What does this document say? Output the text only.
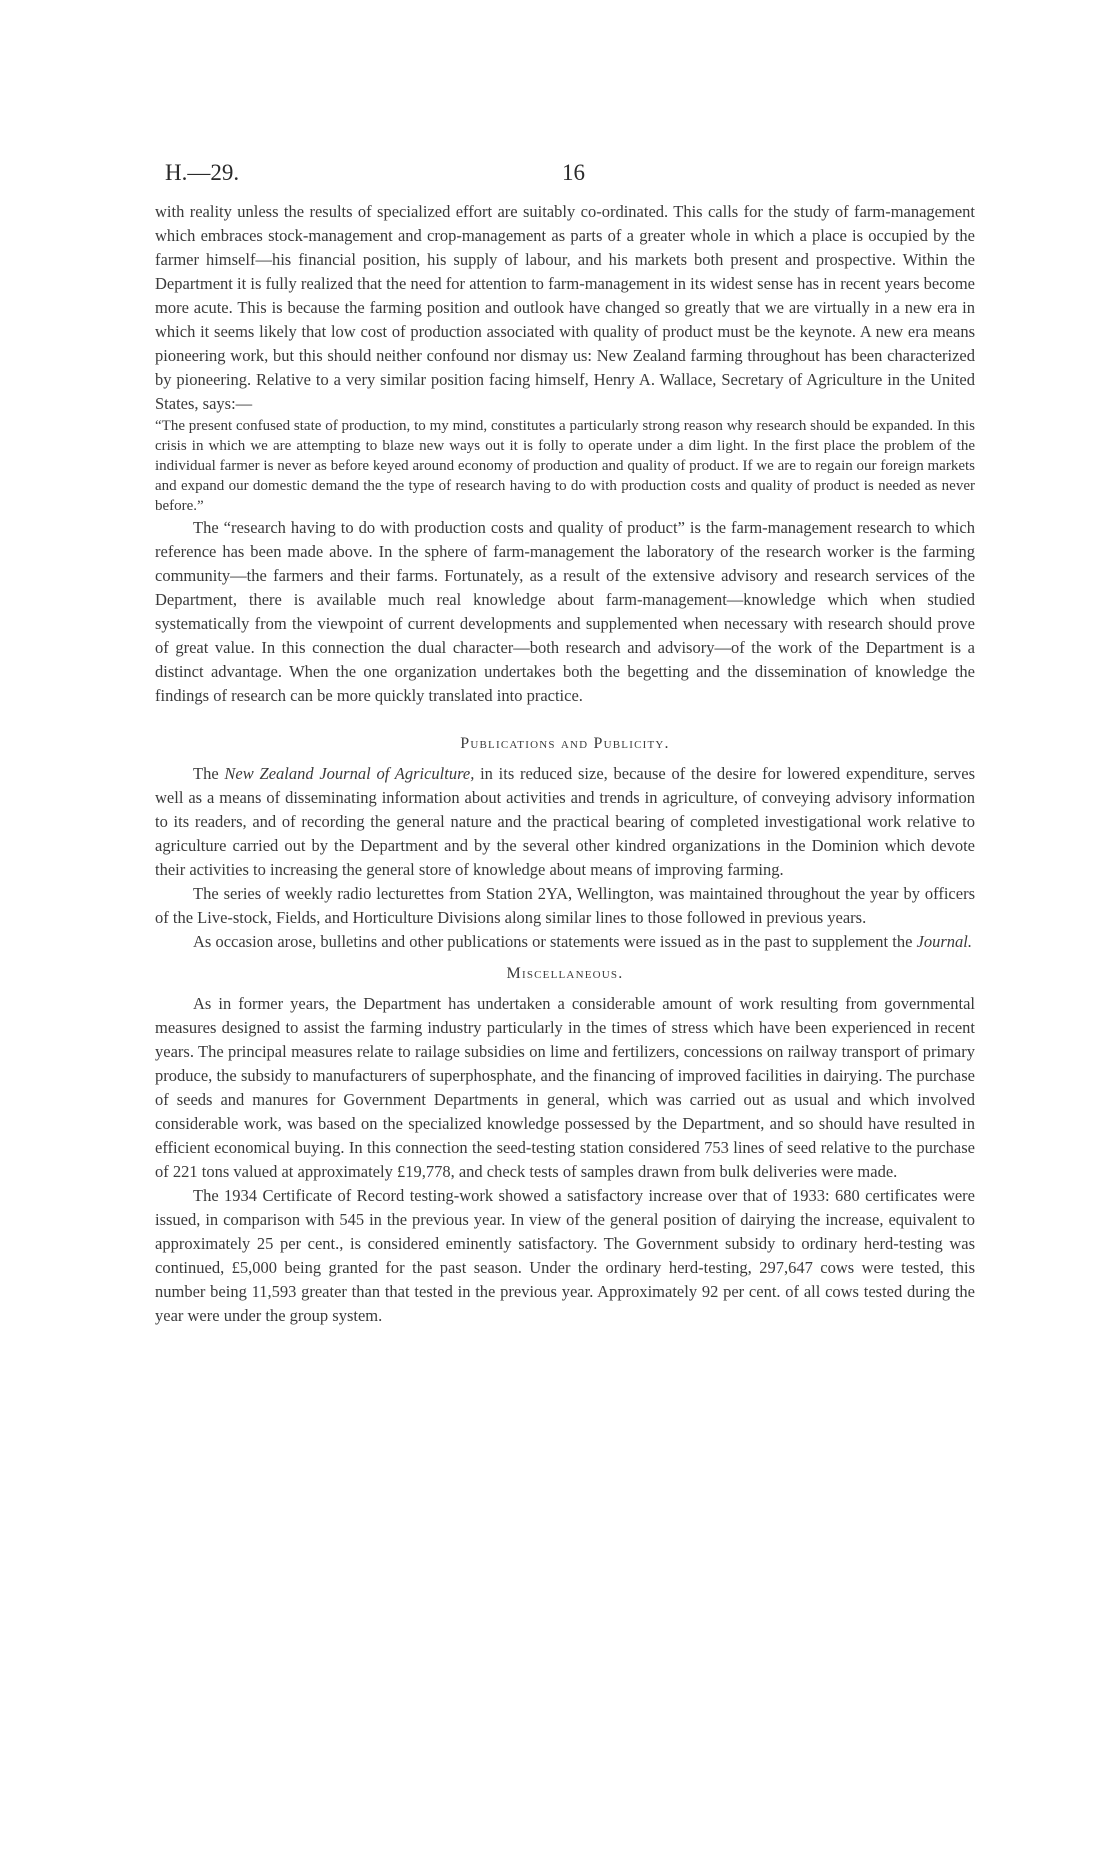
H.—29.	16

with reality unless the results of specialized effort are suitably co-ordinated. This calls for the study of farm-management which embraces stock-management and crop-management as parts of a greater whole in which a place is occupied by the farmer himself—his financial position, his supply of labour, and his markets both present and prospective. Within the Department it is fully realized that the need for attention to farm-management in its widest sense has in recent years become more acute. This is because the farming position and outlook have changed so greatly that we are virtually in a new era in which it seems likely that low cost of production associated with quality of product must be the keynote. A new era means pioneering work, but this should neither confound nor dismay us: New Zealand farming throughout has been characterized by pioneering. Relative to a very similar position facing himself, Henry A. Wallace, Secretary of Agriculture in the United States, says:—

“The present confused state of production, to my mind, constitutes a particularly strong reason why research should be expanded. In this crisis in which we are attempting to blaze new ways out it is folly to operate under a dim light. In the first place the problem of the individual farmer is never as before keyed around economy of production and quality of product. If we are to regain our foreign markets and expand our domestic demand the the type of research having to do with production costs and quality of product is needed as never before.”

The “research having to do with production costs and quality of product” is the farm-management research to which reference has been made above. In the sphere of farm-management the laboratory of the research worker is the farming community—the farmers and their farms. Fortunately, as a result of the extensive advisory and research services of the Department, there is available much real knowledge about farm-management—knowledge which when studied systematically from the viewpoint of current developments and supplemented when necessary with research should prove of great value. In this connection the dual character—both research and advisory—of the work of the Department is a distinct advantage. When the one organization undertakes both the begetting and the dissemination of knowledge the findings of research can be more quickly translated into practice.

Publications and Publicity.

The New Zealand Journal of Agriculture, in its reduced size, because of the desire for lowered expenditure, serves well as a means of disseminating information about activities and trends in agriculture, of conveying advisory information to its readers, and of recording the general nature and the practical bearing of completed investigational work relative to agriculture carried out by the Department and by the several other kindred organizations in the Dominion which devote their activities to increasing the general store of knowledge about means of improving farming.

The series of weekly radio lecturettes from Station 2YA, Wellington, was maintained throughout the year by officers of the Live-stock, Fields, and Horticulture Divisions along similar lines to those followed in previous years.

As occasion arose, bulletins and other publications or statements were issued as in the past to supplement the Journal.

Miscellaneous.

As in former years, the Department has undertaken a considerable amount of work resulting from governmental measures designed to assist the farming industry particularly in the times of stress which have been experienced in recent years. The principal measures relate to railage subsidies on lime and fertilizers, concessions on railway transport of primary produce, the subsidy to manufacturers of superphosphate, and the financing of improved facilities in dairying. The purchase of seeds and manures for Government Departments in general, which was carried out as usual and which involved considerable work, was based on the specialized knowledge possessed by the Department, and so should have resulted in efficient economical buying. In this connection the seed-testing station considered 753 lines of seed relative to the purchase of 221 tons valued at approximately £19,778, and check tests of samples drawn from bulk deliveries were made.

The 1934 Certificate of Record testing-work showed a satisfactory increase over that of 1933: 680 certificates were issued, in comparison with 545 in the previous year. In view of the general position of dairying the increase, equivalent to approximately 25 per cent., is considered eminently satisfactory. The Government subsidy to ordinary herd-testing was continued, £5,000 being granted for the past season. Under the ordinary herd-testing, 297,647 cows were tested, this number being 11,593 greater than that tested in the previous year. Approximately 92 per cent. of all cows tested during the year were under the group system.
